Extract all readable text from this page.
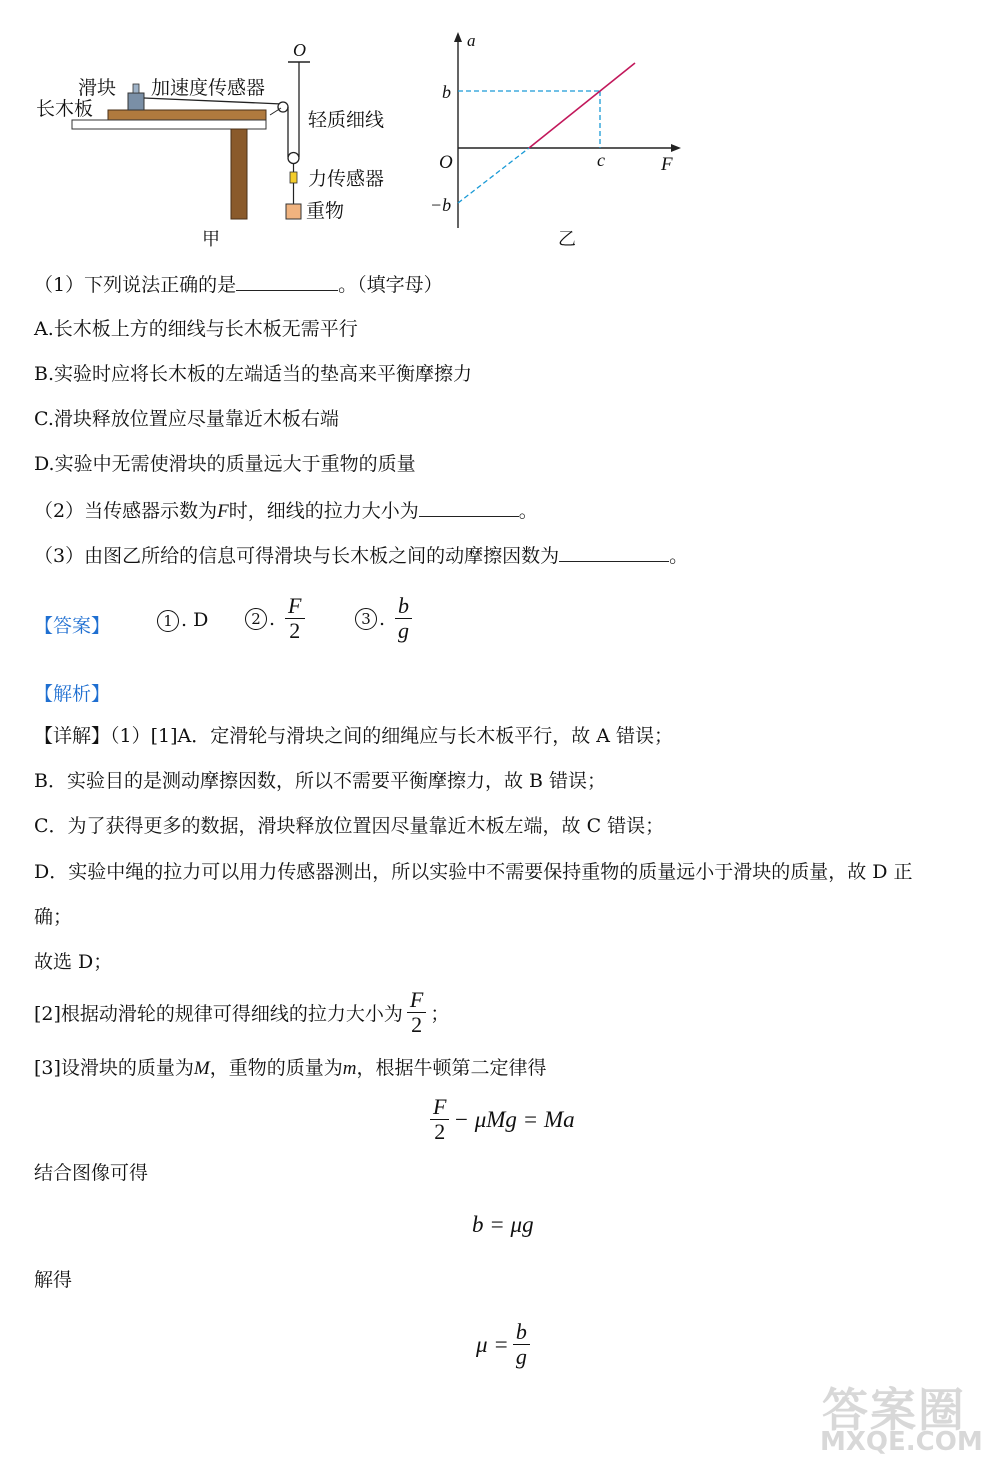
滑块 加速度传感器
长木板
O
轻质细线
力传感器
重物
甲
a
F
O
b
−b
c
乙
（1）下列说法正确的是	。（填字母）
A.长木板上方的细线与长木板无需平行
B.实验时应将长木板的左端适当的垫高来平衡摩擦力
C.滑块释放位置应尽量靠近木板右端
D.实验中无需使滑块的质量远大于重物的质量
（2）当传感器示数为F时，细线的拉力大小为	。
（3）由图乙所给的信息可得滑块与长木板之间的动摩擦因数为	。
【答案】	1 . D	2 . $\frac{F}{2}$	3 . $\frac{b}{g}$
【解析】
【详解】（1）[1]A．定滑轮与滑块之间的细绳应与长木板平行，故 A 错误；
B．实验目的是测动摩擦因数，所以不需要平衡摩擦力，故 B 错误；
C．为了获得更多的数据，滑块释放位置因尽量靠近木板左端，故 C 错误；
D．实验中绳的拉力可以用力传感器测出，所以实验中不需要保持重物的质量远小于滑块的质量，故 D 正
确；
故选 D；
[2]根据动滑轮的规律可得细线的拉力大小为 $\frac{F}{2}$ ；
[3]设滑块的质量为M，重物的质量为m，根据牛顿第二定律得
$\frac{F}{2} - \mu Mg = Ma$
结合图像可得
b = μg
解得
$\mu = \frac{b}{g}$
答案圈
MXQE.COM
